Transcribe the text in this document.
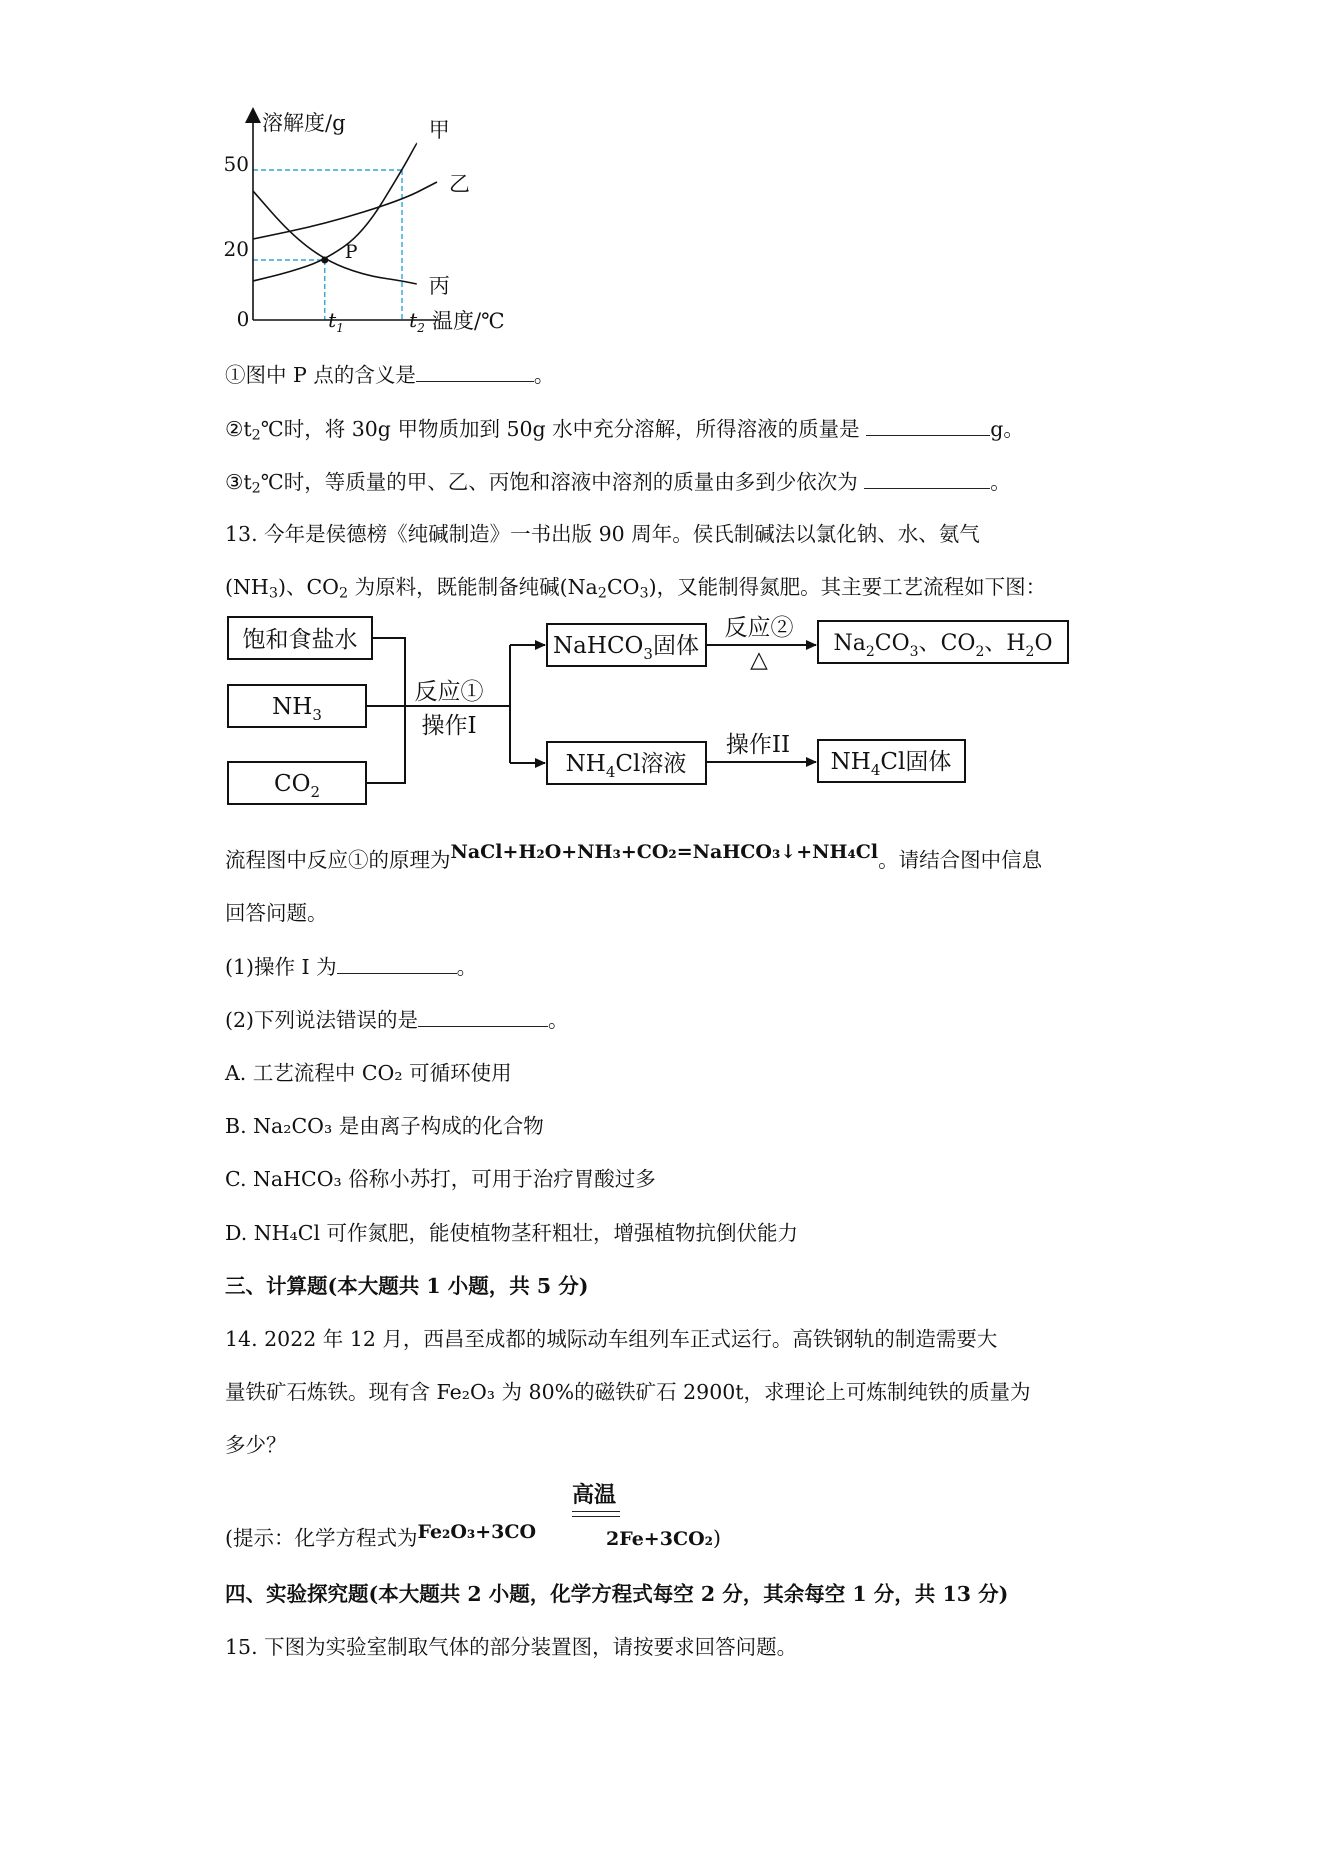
溶解度/g
温度/℃
0
50
20
$t_1$	$t_2$
P
甲
乙
丙
①图中 P 点的含义是	。
$②t_2℃$时，将 30g 甲物质加到 50g 水中充分溶解，所得溶液的质量是	g。
$③t_2℃$时，等质量的甲、乙、丙饱和溶液中溶剂的质量由多到少依次为	。
13. 今年是侯德榜《纯碱制造》一书出版 90 周年。侯氏制碱法以氯化钠、水、氨气
$(NH_3)$、$CO_2$ 为原料，既能制备纯碱$(Na_2CO_3)$，又能制得氮肥。其主要工艺流程如下图：
饱和食盐水
$NH_3$
$CO_2$
反应①
操作I
NaHCO$_3$固体
反应②
△
$Na_2CO_3$、$CO_2$、$H_2O$
$NH_4Cl$溶液
操作II
$NH_4Cl$固体
流程图中反应①的原理为NaCl+H₂O+NH₃+CO₂=NaHCO₃↓+NH₄Cl。请结合图中信息
回答问题。
(1)操作 I 为	。
(2)下列说法错误的是	。
A. 工艺流程中 CO₂ 可循环使用
B. Na₂CO₃ 是由离子构成的化合物
C. NaHCO₃ 俗称小苏打，可用于治疗胃酸过多
D. NH₄Cl 可作氮肥，能使植物茎秆粗壮，增强植物抗倒伏能力
三、计算题(本大题共 1 小题，共 5 分)
14. 2022 年 12 月，西昌至成都的城际动车组列车正式运行。高铁钢轨的制造需要大
量铁矿石炼铁。现有含 Fe₂O₃ 为 80%的磁铁矿石 2900t，求理论上可炼制纯铁的质量为
多少？
高温
(提示：化学方程式为Fe₂O₃+3CO	2Fe+3CO₂)
四、实验探究题(本大题共 2 小题，化学方程式每空 2 分，其余每空 1 分，共 13 分)
15. 下图为实验室制取气体的部分装置图，请按要求回答问题。
